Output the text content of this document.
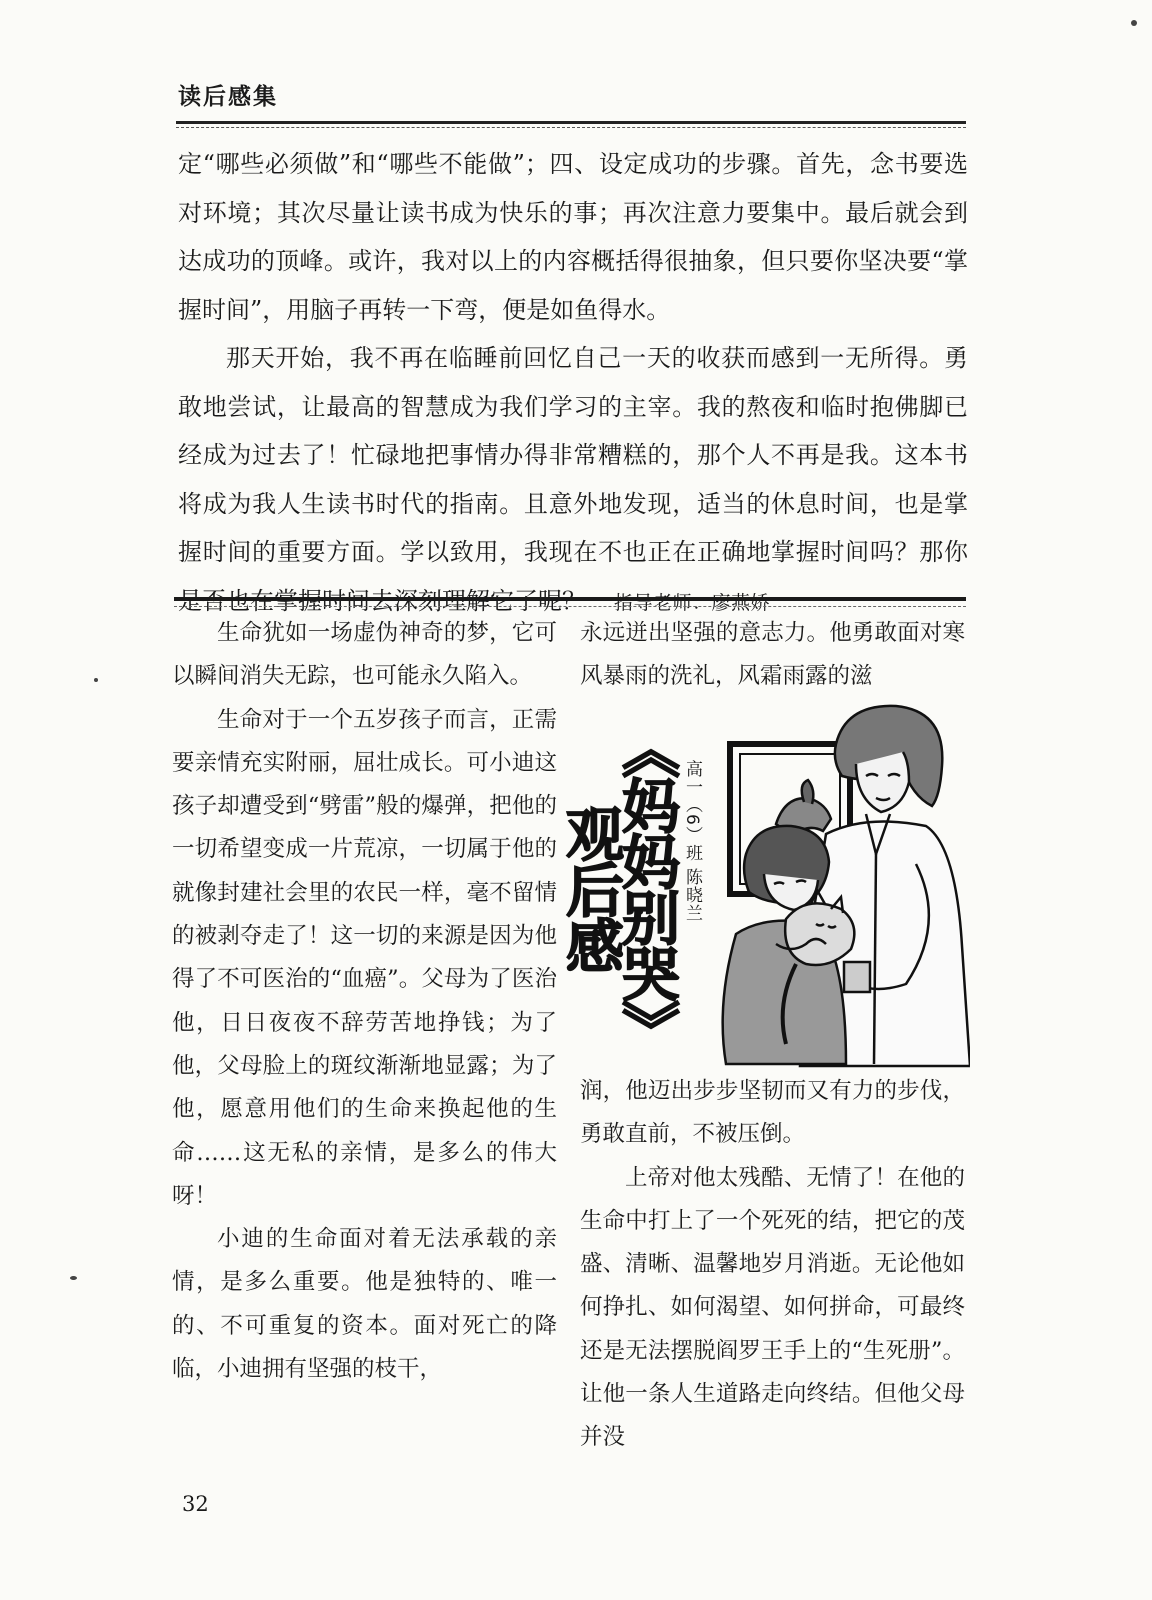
读后感集

定“哪些必须做”和“哪些不能做”；四、设定成功的步骤。首先，念书要选对环境；其次尽量让读书成为快乐的事；再次注意力要集中。最后就会到达成功的顶峰。或许，我对以上的内容概括得很抽象，但只要你坚决要“掌握时间”，用脑子再转一下弯，便是如鱼得水。

那天开始，我不再在临睡前回忆自己一天的收获而感到一无所得。勇敢地尝试，让最高的智慧成为我们学习的主宰。我的熬夜和临时抱佛脚已经成为过去了！忙碌地把事情办得非常糟糕的，那个人不再是我。这本书将成为我人生读书时代的指南。且意外地发现，适当的休息时间，也是掌握时间的重要方面。学以致用，我现在不也正在正确地掌握时间吗？那你是否也在掌握时间去深刻理解它了呢？ 指导老师：廖燕娇

生命犹如一场虚伪神奇的梦，它可以瞬间消失无踪，也可能永久陷入。

生命对于一个五岁孩子而言，正需要亲情充实附丽，屈壮成长。可小迪这孩子却遭受到“劈雷”般的爆弹，把他的一切希望变成一片荒凉，一切属于他的就像封建社会里的农民一样，毫不留情的被剥夺走了！这一切的来源是因为他得了不可医治的“血癌”。父母为了医治他，日日夜夜不辞劳苦地挣钱；为了他，父母脸上的斑纹渐渐地显露；为了他，愿意用他们的生命来换起他的生命……这无私的亲情，是多么的伟大呀！

小迪的生命面对着无法承载的亲情，是多么重要。他是独特的、唯一的、不可重复的资本。面对死亡的降临，小迪拥有坚强的枝干，

永远迸出坚强的意志力。他勇敢面对寒风暴雨的洗礼，风霜雨露的滋

《妈妈别哭》观后感	高一（6）班 陈晓兰

润，他迈出步步坚韧而又有力的步伐，勇敢直前，不被压倒。

上帝对他太残酷、无情了！在他的生命中打上了一个死死的结，把它的茂盛、清晰、温馨地岁月消逝。无论他如何挣扎、如何渴望、如何拼命，可最终还是无法摆脱阎罗王手上的“生死册”。让他一条人生道路走向终结。但他父母并没

32
